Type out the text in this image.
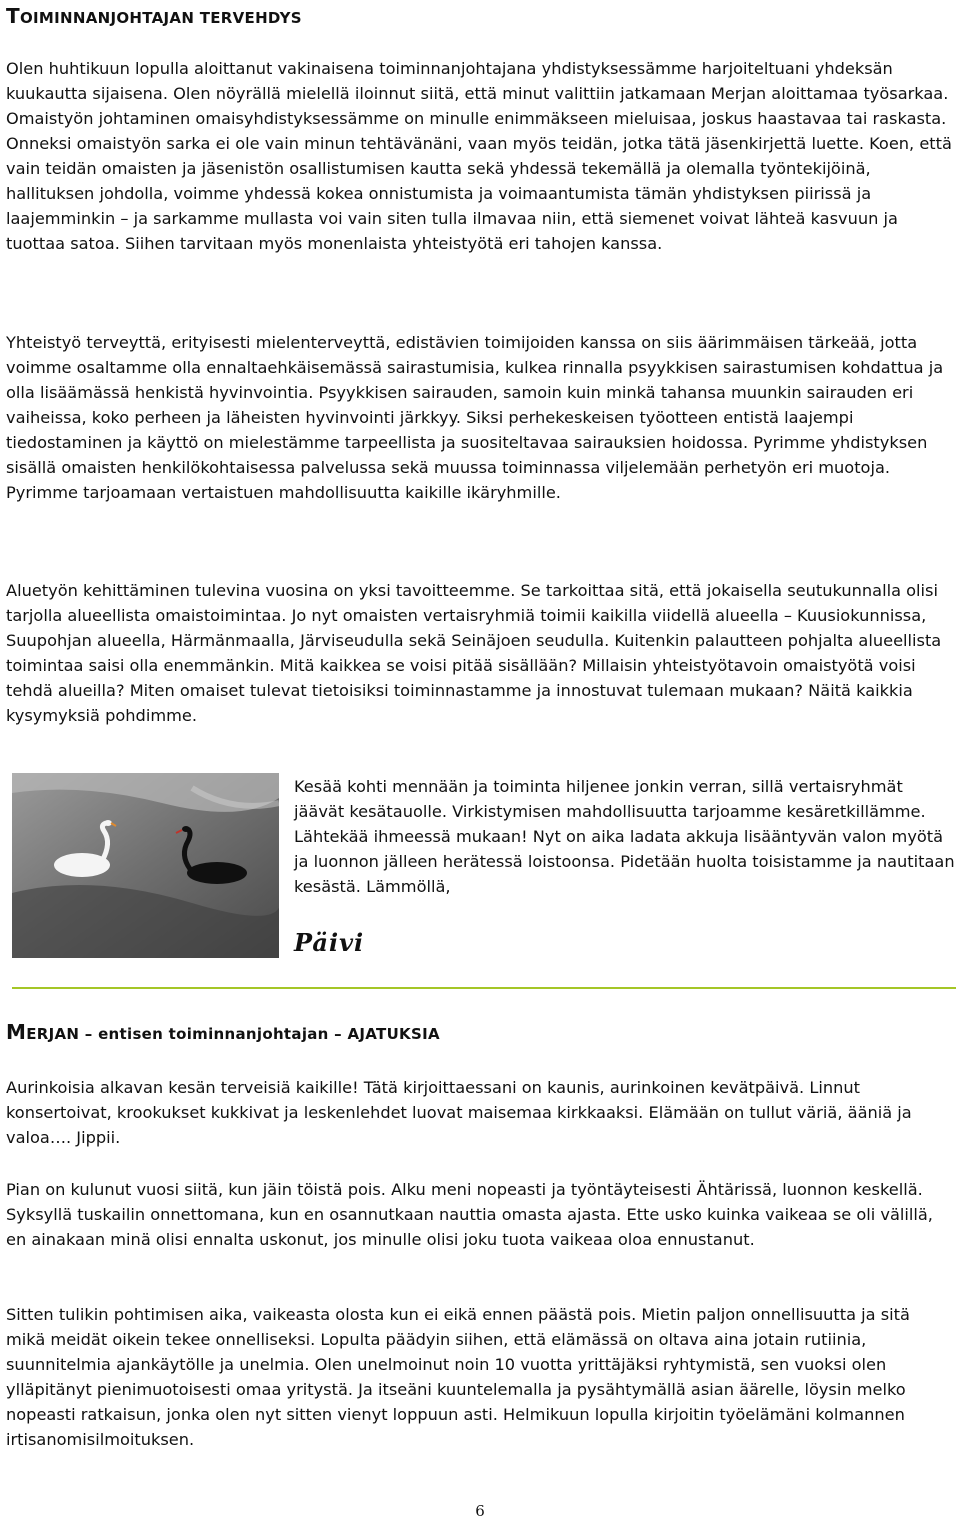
TOIMINNANJOHTAJAN TERVEHDYS

Olen huhtikuun lopulla aloittanut vakinaisena toiminnanjohtajana yhdistyksessämme harjoiteltuani yhdeksän kuukautta sijaisena. Olen nöyrällä mielellä iloinnut siitä, että minut valittiin jatkamaan Merjan aloittamaa työsarkaa. Omaistyön johtaminen omaisyhdistyksessämme on minulle enimmäkseen mieluisaa, joskus haastavaa tai raskasta. Onneksi omaistyön sarka ei ole vain minun tehtävänäni, vaan myös teidän, jotka tätä jäsenkirjettä luette. Koen, että vain teidän omaisten ja jäsenistön osallistumisen kautta sekä yhdessä tekemällä ja olemalla työntekijöinä, hallituksen johdolla, voimme yhdessä kokea onnistumista ja voimaantumista tämän yhdistyksen piirissä ja laajemminkin – ja sarkamme mullasta voi vain siten tulla ilmavaa niin, että siemenet voivat lähteä kasvuun ja tuottaa satoa. Siihen tarvitaan myös monenlaista yhteistyötä eri tahojen kanssa.

Yhteistyö terveyttä, erityisesti mielenterveyttä, edistävien toimijoiden kanssa on siis äärimmäisen tärkeää, jotta voimme osaltamme olla ennaltaehkäisemässä sairastumisia, kulkea rinnalla psyykkisen sairastumisen kohdattua ja olla lisäämässä henkistä hyvinvointia. Psyykkisen sairauden, samoin kuin minkä tahansa muunkin sairauden eri vaiheissa, koko perheen ja läheisten hyvinvointi järkkyy. Siksi perhekeskeisen työotteen entistä laajempi tiedostaminen ja käyttö on mielestämme tarpeellista ja suositeltavaa sairauksien hoidossa. Pyrimme yhdistyksen sisällä omaisten henkilökohtaisessa palvelussa sekä muussa toiminnassa viljelemään perhetyön eri muotoja. Pyrimme tarjoamaan vertaistuen mahdollisuutta kaikille ikäryhmille.

Aluetyön kehittäminen tulevina vuosina on yksi tavoitteemme. Se tarkoittaa sitä, että jokaisella seutukunnalla olisi tarjolla alueellista omaistoimintaa. Jo nyt omaisten vertaisryhmiä toimii kaikilla viidellä alueella – Kuusiokunnissa, Suupohjan alueella, Härmänmaalla, Järviseudulla sekä Seinäjoen seudulla. Kuitenkin palautteen pohjalta alueellista toimintaa saisi olla enemmänkin. Mitä kaikkea se voisi pitää sisällään? Millaisin yhteistyötavoin omaistyötä voisi tehdä alueilla? Miten omaiset tulevat tietoisiksi toiminnastamme ja innostuvat tulemaan mukaan? Näitä kaikkia kysymyksiä pohdimme.

Kesää kohti mennään ja toiminta hiljenee jonkin verran, sillä vertaisryhmät jäävät kesätauolle. Virkistymisen mahdollisuutta tarjoamme kesäretkillämme. Lähtekää ihmeessä mukaan! Nyt on aika ladata akkuja lisääntyvän valon myötä ja luonnon jälleen herätessä loistoonsa. Pidetään huolta toisistamme ja nautitaan kesästä. Lämmöllä,

Päivi
MERJAN – entisen toiminnanjohtajan – AJATUKSIA

Aurinkoisia alkavan kesän terveisiä kaikille! Tätä kirjoittaessani on kaunis, aurinkoinen kevätpäivä. Linnut konsertoivat, krookukset kukkivat ja leskenlehdet luovat maisemaa kirkkaaksi. Elämään on tullut väriä, ääniä ja valoa…. Jippii.

Pian on kulunut vuosi siitä, kun jäin töistä pois. Alku meni nopeasti ja työntäyteisesti Ähtärissä, luonnon keskellä. Syksyllä tuskailin onnettomana, kun en osannutkaan nauttia omasta ajasta. Ette usko kuinka vaikeaa se oli välillä, en ainakaan minä olisi ennalta uskonut, jos minulle olisi joku tuota vaikeaa oloa ennustanut.

Sitten tulikin pohtimisen aika, vaikeasta olosta kun ei eikä ennen päästä pois. Mietin paljon onnellisuutta ja sitä mikä meidät oikein tekee onnelliseksi. Lopulta päädyin siihen, että elämässä on oltava aina jotain rutiinia, suunnitelmia ajankäytölle ja unelmia. Olen unelmoinut noin 10 vuotta yrittäjäksi ryhtymistä, sen vuoksi olen ylläpitänyt pienimuotoisesti omaa yritystä. Ja itseäni kuuntelemalla ja pysähtymällä asian äärelle, löysin melko nopeasti ratkaisun, jonka olen nyt sitten vienyt loppuun asti. Helmikuun lopulla kirjoitin työelämäni kolmannen irtisanomisilmoituksen.

6
